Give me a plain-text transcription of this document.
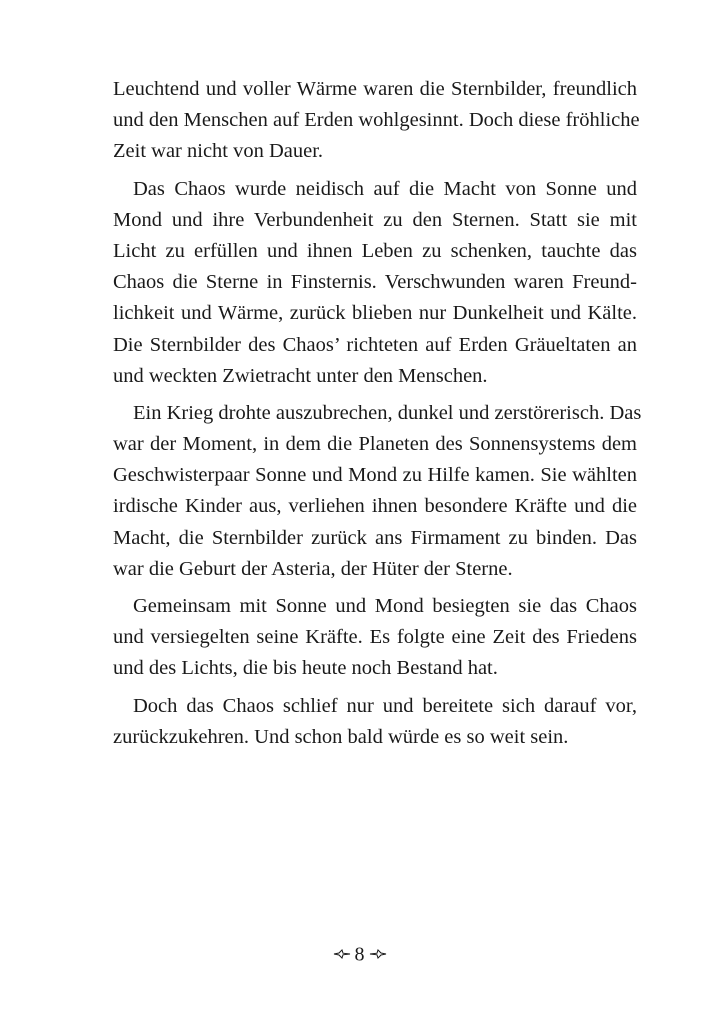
Leuchtend und voller Wärme waren die Sternbilder, freundlich
und den Menschen auf Erden wohlgesinnt. Doch diese fröhliche
Zeit war nicht von Dauer.

Das Chaos wurde neidisch auf die Macht von Sonne und
Mond und ihre Verbundenheit zu den Sternen. Statt sie mit
Licht zu erfüllen und ihnen Leben zu schenken, tauchte das
Chaos die Sterne in Finsternis. Verschwunden waren Freund-
lichkeit und Wärme, zurück blieben nur Dunkelheit und Kälte.
Die Sternbilder des Chaos’ richteten auf Erden Gräueltaten an
und weckten Zwietracht unter den Menschen.

Ein Krieg drohte auszubrechen, dunkel und zerstörerisch. Das
war der Moment, in dem die Planeten des Sonnensystems dem
Geschwisterpaar Sonne und Mond zu Hilfe kamen. Sie wählten
irdische Kinder aus, verliehen ihnen besondere Kräfte und die
Macht, die Sternbilder zurück ans Firmament zu binden. Das
war die Geburt der Asteria, der Hüter der Sterne.

Gemeinsam mit Sonne und Mond besiegten sie das Chaos
und versiegelten seine Kräfte. Es folgte eine Zeit des Friedens
und des Lichts, die bis heute noch Bestand hat.

Doch das Chaos schlief nur und bereitete sich darauf vor,
zurückzukehren. Und schon bald würde es so weit sein.

8
